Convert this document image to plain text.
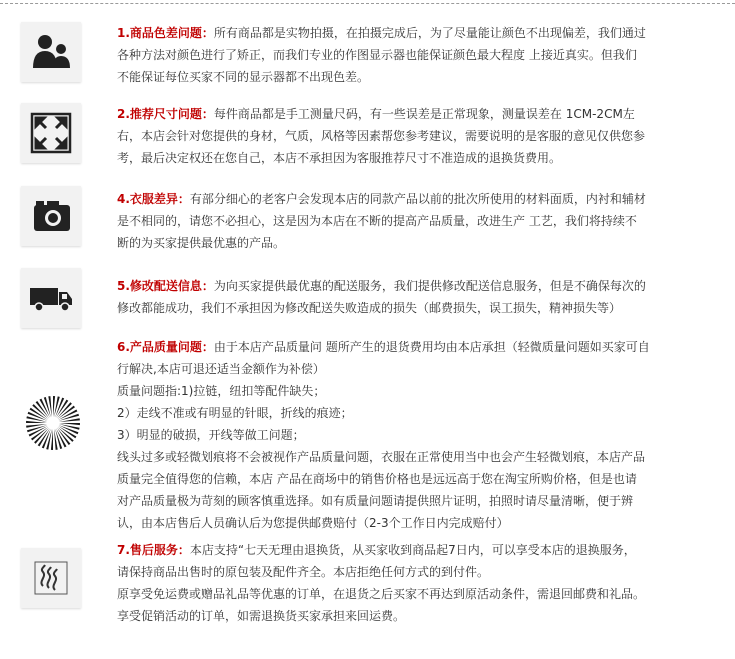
1.商品色差问题：所有商品都是实物拍摄，在拍摄完成后，为了尽量能让颜色不出现偏差，我们通过

各种方法对颜色进行了矫正，而我们专业的作图显示器也能保证颜色最大程度 上接近真实。但我们

不能保证每位买家不同的显示器都不出现色差。

2.推荐尺寸问题：每件商品都是手工测量尺码，有一些误差是正常现象，测量误差在 1CM-2CM左

右，本店会针对您提供的身材，气质，风格等因素帮您参考建议，需要说明的是客服的意见仅供您参

考，最后决定权还在您自己，本店不承担因为客服推荐尺寸不准造成的退换货费用。

4.衣服差异：有部分细心的老客户会发现本店的同款产品以前的批次所使用的材料面质，内衬和辅材

是不相同的，请您不必担心，这是因为本店在不断的提高产品质量，改进生产 工艺，我们将持续不

断的为买家提供最优惠的产品。

5.修改配送信息：为向买家提供最优惠的配送服务，我们提供修改配送信息服务，但是不确保每次的

修改都能成功，我们不承担因为修改配送失败造成的损失（邮费损失，误工损失，精神损失等）

6.产品质量问题：由于本店产品质量问 题所产生的退货费用均由本店承担（轻微质量问题如买家可自

行解决,本店可退还适当金额作为补偿）

质量问题指:1)拉链，纽扣等配件缺失；

2）走线不准或有明显的针眼，折线的痕迹；

3）明显的破损，开线等做工问题；

线头过多或轻微划痕将不会被视作产品质量问题，衣服在正常使用当中也会产生轻微划痕，本店产品

质量完全值得您的信赖，本店 产品在商场中的销售价格也是远远高于您在淘宝所购价格，但是也请

对产品质量极为苛刻的顾客慎重选择。如有质量问题请提供照片证明，拍照时请尽量清晰，便于辨

认，由本店售后人员确认后为您提供邮费赔付（2-3个工作日内完成赔付）

7.售后服务：本店支持“七天无理由退换货，从买家收到商品起7日内，可以享受本店的退换服务，

请保持商品出售时的原包装及配件齐全。本店拒绝任何方式的到付件。

原享受免运费或赠品礼品等优惠的订单，在退货之后买家不再达到原活动条件，需退回邮费和礼品。

享受促销活动的订单，如需退换货买家承担来回运费。
